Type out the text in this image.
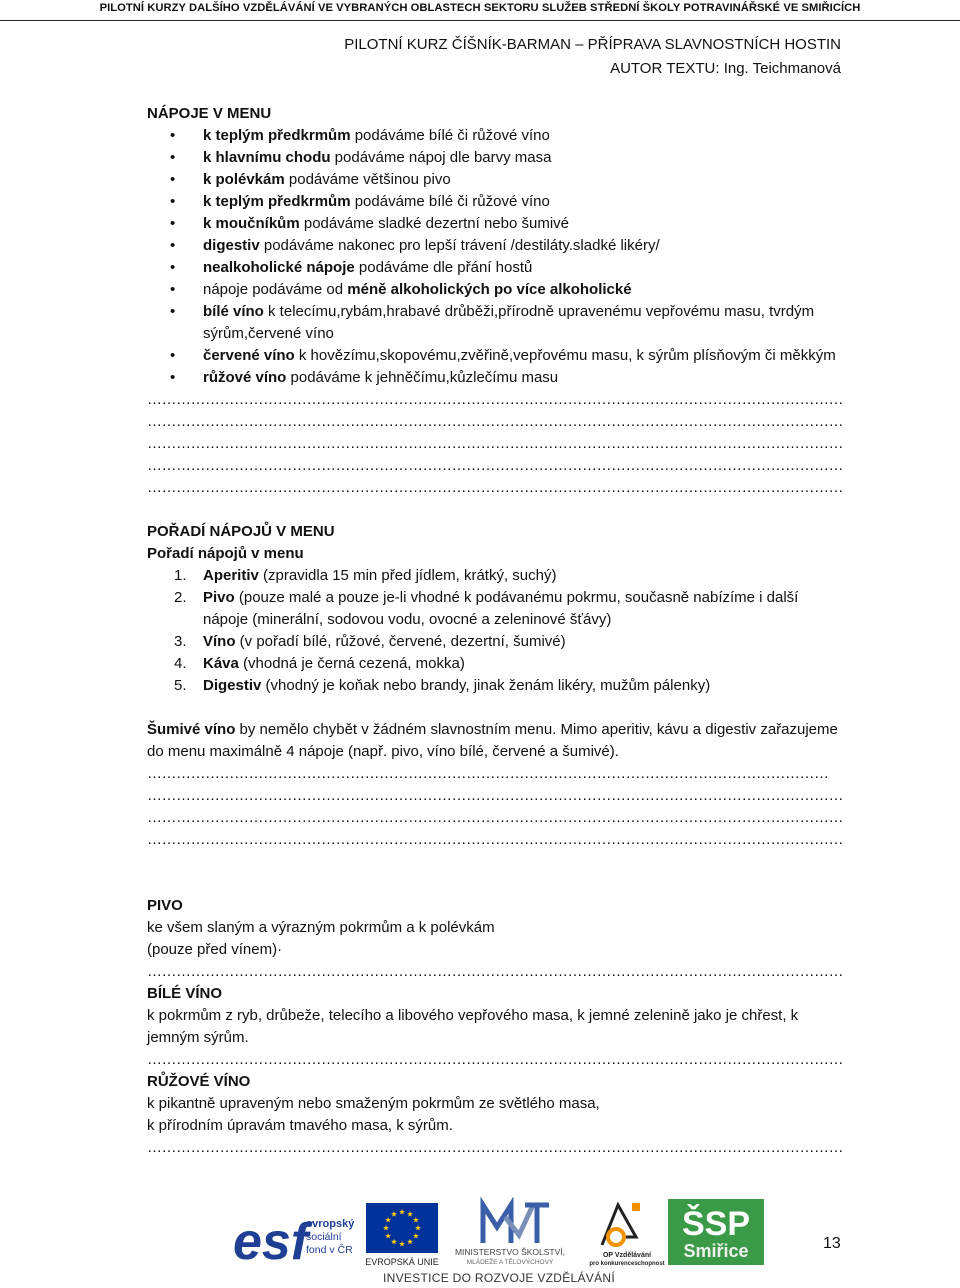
PILOTNÍ KURZY DALŠÍHO VZDĚLÁVÁNÍ VE VYBRANÝCH OBLASTECH SEKTORU SLUŽEB STŘEDNÍ ŠKOLY POTRAVINÁŘSKÉ VE SMIŘICÍCH
PILOTNÍ KURZ ČÍŠNÍK-BARMAN – PŘÍPRAVA SLAVNOSTNÍCH HOSTIN
AUTOR TEXTU: Ing. Teichmanová
NÁPOJE V MENU
• k teplým předkrmům podáváme bílé či růžové víno
• k hlavnímu chodu podáváme nápoj dle barvy masa
• k polévkám podáváme většinou pivo
• k teplým předkrmům podáváme bílé či růžové víno
• k moučníkům podáváme sladké dezertní nebo šumivé
• digestiv podáváme nakonec pro lepší trávení /destiláty.sladké likéry/
• nealkoholické nápoje podáváme dle přání hostů
• nápoje podáváme od méně alkoholických po více alkoholické
• bílé víno k telecímu,rybám,hrabavé drůběži,přírodně upravenému vepřovému masu, tvrdým sýrům,červené víno
• červené víno k hovězímu,skopovému,zvěřině,vepřovému masu, k sýrům plísňovým či měkkým
• růžové víno podáváme k jehněčímu,kůzlečímu masu
………………………………………………………………………………………………………………………………
………………………………………………………………………………………………………………………………
………………………………………………………………………………………………………………………………
………………………………………………………………………………………………………………………………
………………………………………………………………………………………………………………………………
POŘADÍ NÁPOJŮ V MENU
Pořadí nápojů v menu
1. Aperitiv (zpravidla 15 min před jídlem, krátký, suchý)
2. Pivo (pouze malé a pouze je-li vhodné k podávanému pokrmu, současně nabízíme i další nápoje (minerální, sodovou vodu, ovocné a zeleninové šťávy)
3. Víno (v pořadí bílé, růžové, červené, dezertní, šumivé)
4. Káva (vhodná je černá cezená, mokka)
5. Digestiv (vhodný je koňak nebo brandy, jinak ženám likéry, mužům pálenky)
Šumivé víno by nemělo chybět v žádném slavnostním menu. Mimo aperitiv, kávu a digestiv zařazujeme do menu maximálně 4 nápoje (např. pivo, víno bílé, červené a šumivé).
……………………………………………………………………………………………………………………………
………………………………………………………………………………………………………………………………
………………………………………………………………………………………………………………………………
………………………………………………………………………………………………………………………………
PIVO
ke všem slaným a výrazným pokrmům a k polévkám
(pouze před vínem)·
………………………………………………………………………………………………………………………………
BÍLÉ VÍNO
k pokrmům z ryb, drůbeže, telecího a libového vepřového masa, k jemné zelenině jako je chřest, k jemným sýrům.
………………………………………………………………………………………………………………………………
RŮŽOVÉ VÍNO
k pikantně upraveným nebo smaženým pokrmům ze světlého masa,
k přírodním úpravám tmavého masa, k sýrům.
………………………………………………………………………………………………………………………………
esf
evropský
sociální
fond v ČR
EVROPSKÁ UNIE
MINISTERSTVO ŠKOLSTVÍ,
MLÁDEŽE A TĚLOVÝCHOVY
OP Vzdělávání
pro konkurenceschopnost
ŠSP
Smiřice	13
INVESTICE DO ROZVOJE VZDĚLÁVÁNÍ
